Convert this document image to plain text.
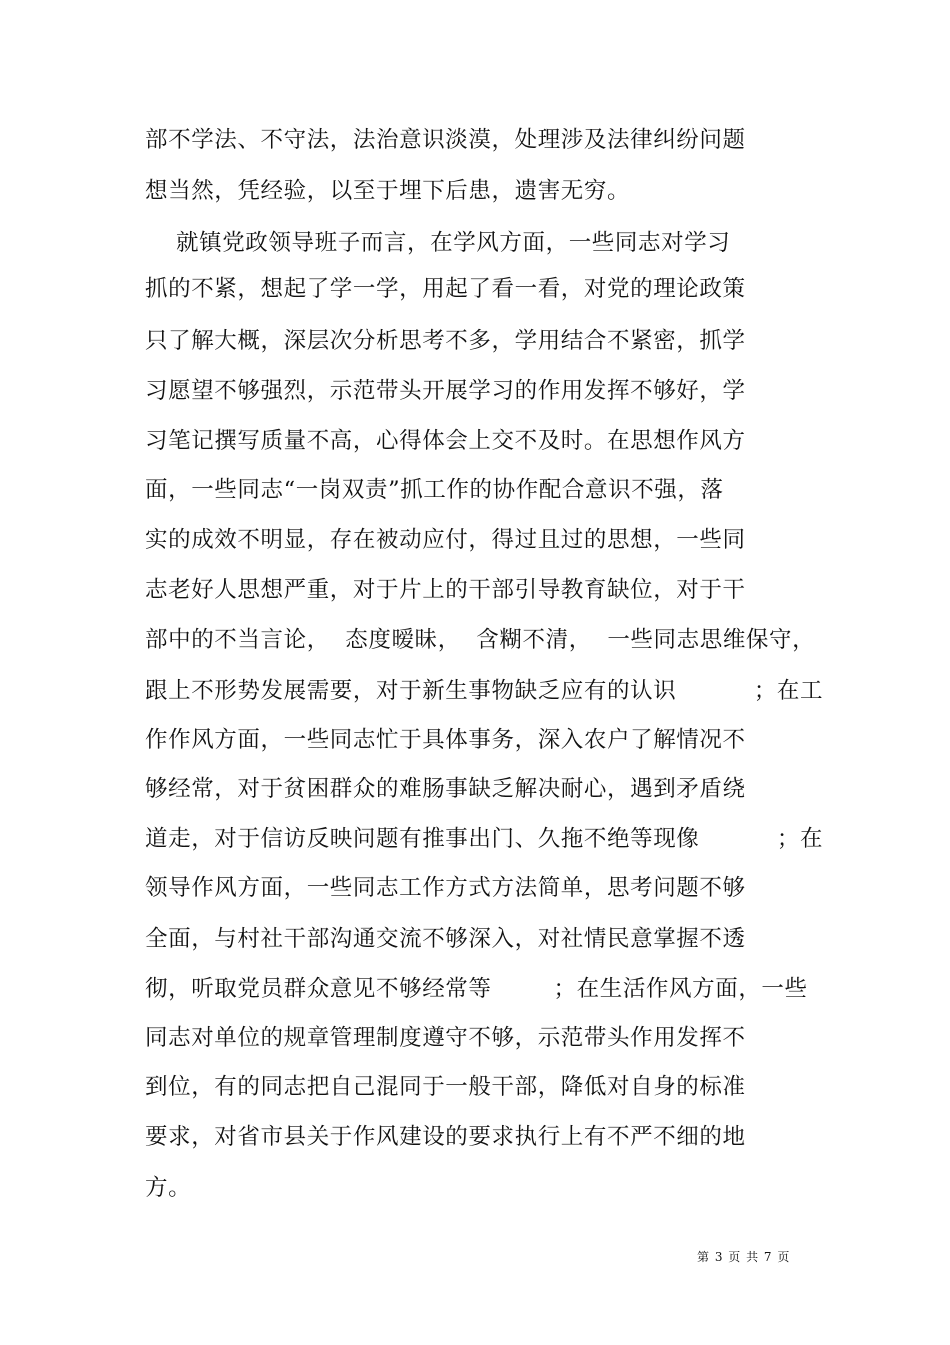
部不学法、不守法，法治意识淡漠，处理涉及法律纠纷问题
想当然，凭经验，以至于埋下后患，遗害无穷。
就镇党政领导班子而言，在学风方面，一些同志对学习
抓的不紧，想起了学一学，用起了看一看，对党的理论政策
只了解大概，深层次分析思考不多，学用结合不紧密，抓学
习愿望不够强烈，示范带头开展学习的作用发挥不够好，学
习笔记撰写质量不高，心得体会上交不及时。在思想作风方
面，一些同志“一岗双责”抓工作的协作配合意识不强，落
实的成效不明显，存在被动应付，得过且过的思想，一些同
志老好人思想严重，对于片上的干部引导教育缺位，对于干
部中的不当言论，  态度暧昧，  含糊不清，  一些同志思维保守，
跟上不形势发展需要，对于新生事物缺乏应有的认识          ；在工
作作风方面，一些同志忙于具体事务，深入农户了解情况不
够经常，对于贫困群众的难肠事缺乏解决耐心，遇到矛盾绕
道走，对于信访反映问题有推事出门、久拖不绝等现像          ；在
领导作风方面，一些同志工作方式方法简单，思考问题不够
全面，与村社干部沟通交流不够深入，对社情民意掌握不透
彻，听取党员群众意见不够经常等        ；在生活作风方面，一些
同志对单位的规章管理制度遵守不够，示范带头作用发挥不
到位，有的同志把自己混同于一般干部，降低对自身的标准
要求，对省市县关于作风建设的要求执行上有不严不细的地
方。
第 3 页 共 7 页
